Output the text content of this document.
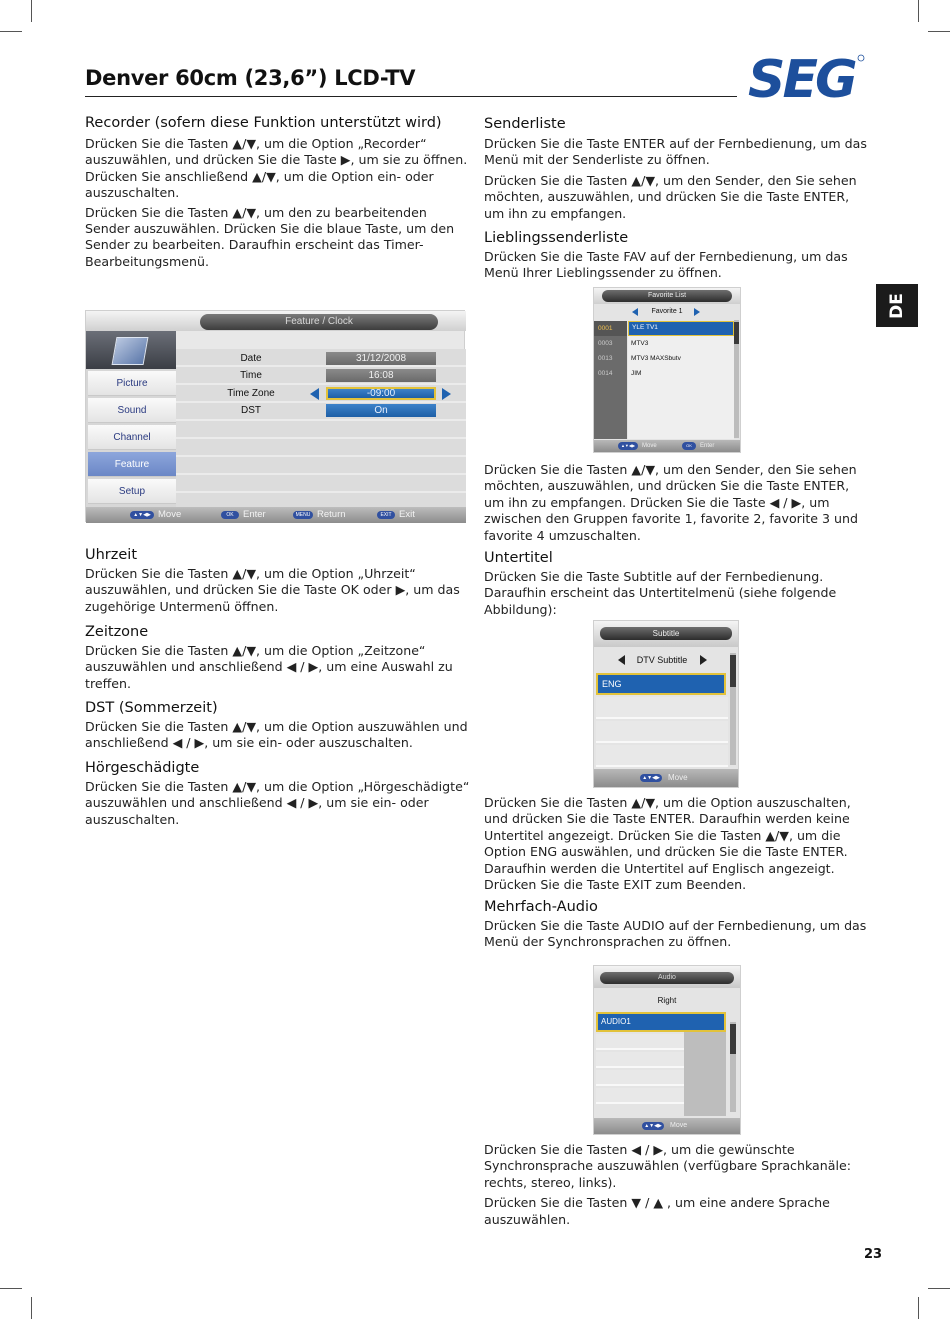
Denver 60cm (23,6”) LCD-TV	SEG
DE
Recorder (sofern diese Funktion unterstützt wird)

Drücken Sie die Tasten ▲/▼, um die Option „Recorder“ auszuwählen, und drücken Sie die Taste ▶, um sie zu öffnen. Drücken Sie anschließend ▲/▼, um die Option ein- oder auszuschalten.

Drücken Sie die Tasten ▲/▼, um den zu bearbeitenden Sender auszuwählen. Drücken Sie die blaue Taste, um den Sender zu bearbeiten. Daraufhin erscheint das Timer-Bearbeitungsmenü.

Uhrzeit

Drücken Sie die Tasten ▲/▼, um die Option „Uhrzeit“ auszuwählen, und drücken Sie die Taste OK oder ▶, um das zugehörige Untermenü öffnen.

Zeitzone

Drücken Sie die Tasten ▲/▼, um die Option „Zeitzone“ auszuwählen und anschließend ◀ / ▶, um eine Auswahl zu treffen.

DST (Sommerzeit)

Drücken Sie die Tasten ▲/▼, um die Option auszuwählen und anschließend ◀ / ▶, um sie ein- oder auszuschalten.

Hörgeschädigte

Drücken Sie die Tasten ▲/▼, um die Option „Hörgeschädigte“ auszuwählen und anschließend ◀ / ▶, um sie ein- oder auszuschalten.

Feature / Clock
Picture
Sound
Channel
Feature
Setup
Date	31/12/2008
Time	16:08
Time Zone	-09:00
DST	On
▲▼◀▶ Move	OK Enter	MENU Return	EXIT Exit
Senderliste

Drücken Sie die Taste ENTER auf der Fernbedienung, um das Menü mit der Senderliste zu öffnen.

Drücken Sie die Tasten ▲/▼, um den Sender, den Sie sehen möchten, auszuwählen, und drücken Sie die Taste ENTER, um ihn zu empfangen.

Lieblingssenderliste

Drücken Sie die Taste FAV auf der Fernbedienung, um das Menü Ihrer Lieblingssender zu öffnen.

Drücken Sie die Tasten ▲/▼, um den Sender, den Sie sehen möchten, auszuwählen, und drücken Sie die Taste ENTER, um ihn zu empfangen. Drücken Sie die Taste ◀ / ▶, um zwischen den Gruppen favorite 1, favorite 2, favorite 3 und favorite 4 umzuschalten.

Untertitel

Drücken Sie die Taste Subtitle auf der Fernbedienung. Daraufhin erscheint das Untertitelmenü (siehe folgende Abbildung):

Drücken Sie die Tasten ▲/▼, um die Option auszuschalten, und drücken Sie die Taste ENTER. Daraufhin werden keine Untertitel angezeigt. Drücken Sie die Tasten ▲/▼, um die Option ENG auswählen, und drücken Sie die Taste ENTER. Daraufhin werden die Untertitel auf Englisch angezeigt. Drücken Sie die Taste EXIT zum Beenden.

Mehrfach-Audio

Drücken Sie die Taste AUDIO auf der Fernbedienung, um das Menü der Synchronsprachen zu öffnen.

Drücken Sie die Tasten ◀ / ▶, um die gewünschte Synchronsprache auszuwählen (verfügbare Sprachkanäle: rechts, stereo, links).

Drücken Sie die Tasten ▼ / ▲ , um eine andere Sprache auszuwählen.

Favorite List
Favorite 1
0001	YLE TV1
0003	MTV3
0013	MTV3 MAXSbutv
0014	JIM
▲▼◀▶	Move	OK	Enter
Subtitle
DTV Subtitle
ENG
▲▼◀▶ Move
Audio
Right
AUDIO1
▲▼◀▶	Move
23
